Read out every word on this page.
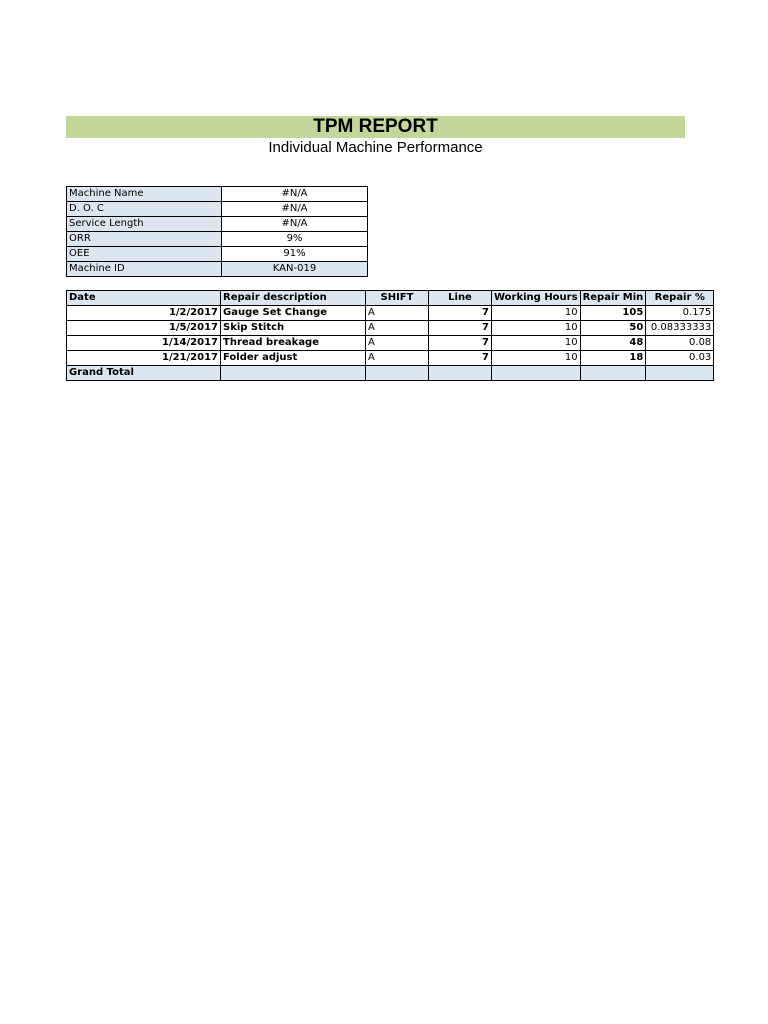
TPM REPORT
Individual Machine Performance
Machine Name	#N/A
D. O. C	#N/A
Service Length	#N/A
ORR	9%
OEE	91%
Machine ID	KAN-019
Date	Repair description	SHIFT	Line	Working Hours	Repair Min	Repair %
1/2/2017	Gauge Set Change	A	7	10	105	0.175
1/5/2017	Skip Stitch	A	7	10	50	0.08333333
1/14/2017	Thread breakage	A	7	10	48	0.08
1/21/2017	Folder adjust	A	7	10	18	0.03
Grand Total						
